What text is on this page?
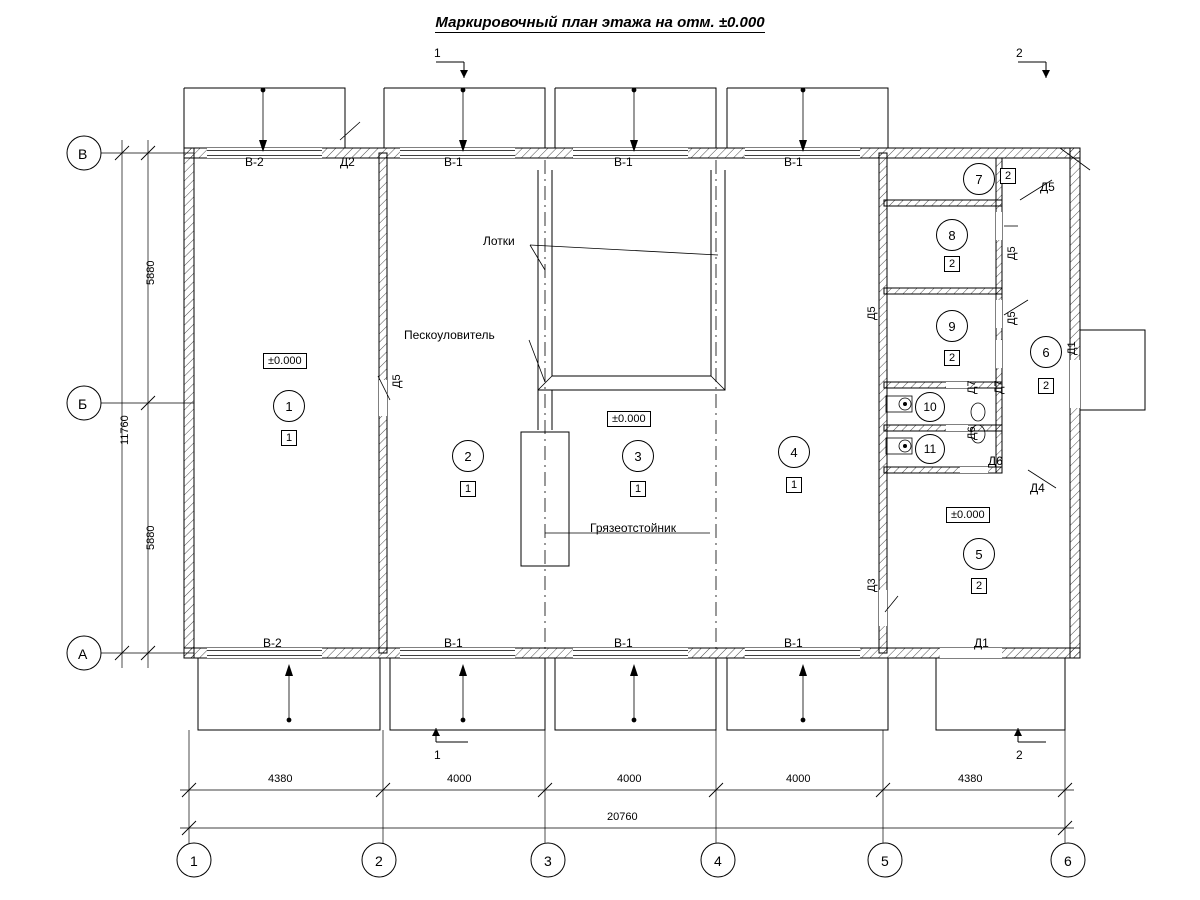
Маркировочный план этажа на отм. ±0.000
В
Б
А
1	2	3	4	5	6
1	2
1	2
В-2	В-1	В-1	В-1
В-2	В-1	В-1	В-1
Д2
Д5
Д5
Д5	Д5
Д5
Д1
Д7 Д7
Д6
Д6
Д4
Д3
Д1
±0.000
±0.000
±0.000
1
1
2
1
3
1
4
1
5
2
6
2
7	2
8
2
9
2
10
11
Лотки
Пескоуловитель
Грязеотстойник
5880
5880
11760
4380	4000	4000	4000	4380
20760
